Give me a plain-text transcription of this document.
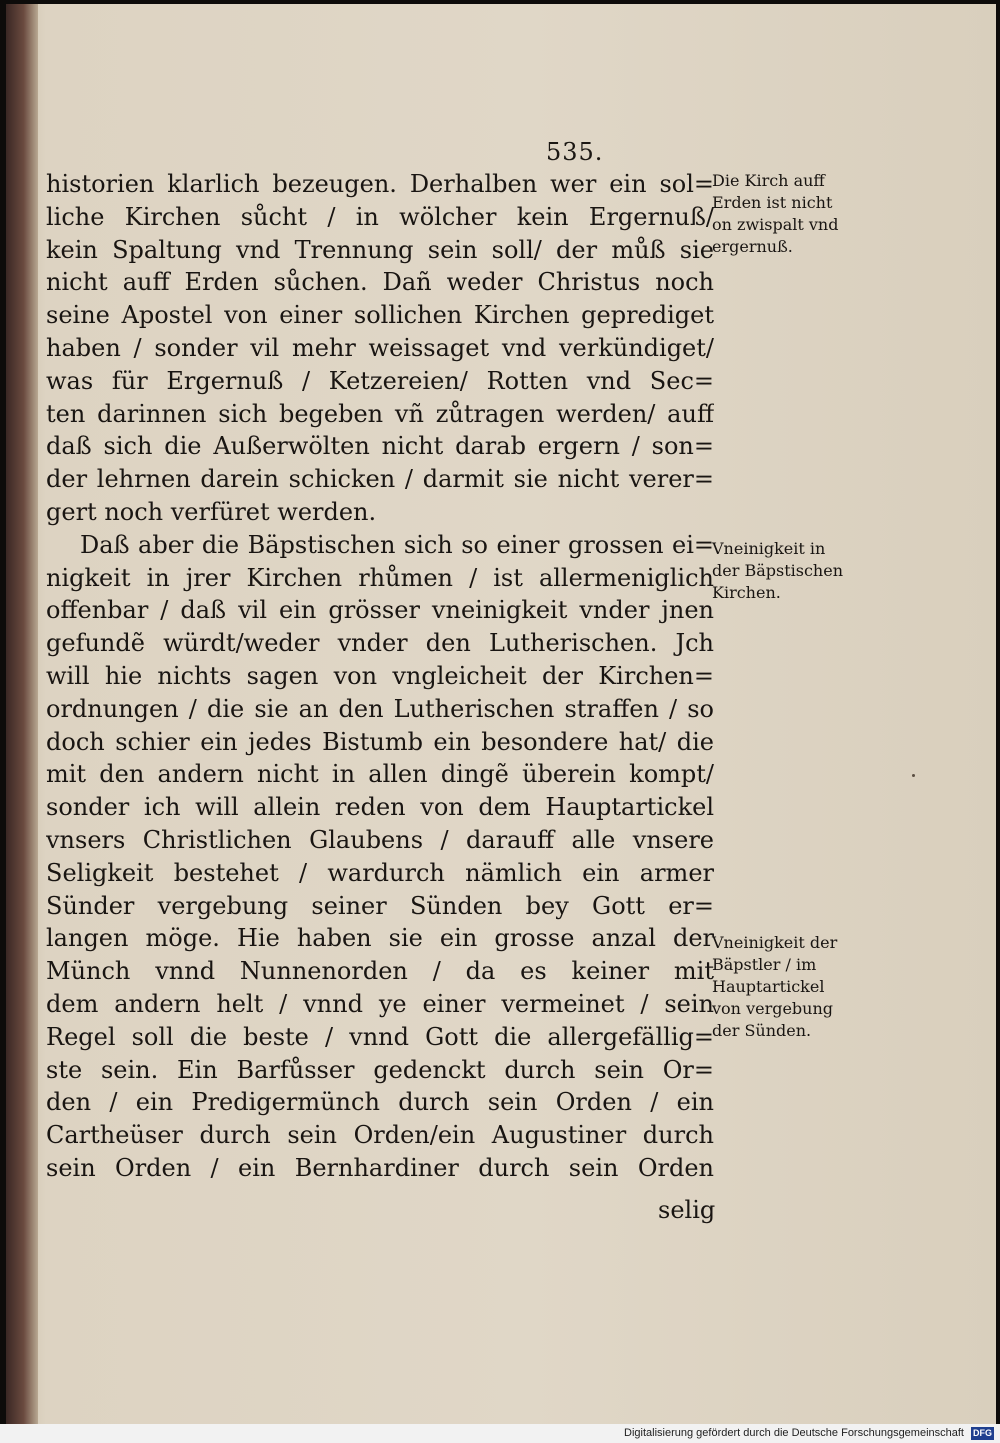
535.
historien klarlich bezeugen. Derhalben wer ein sol=
liche Kirchen sůcht / in wölcher kein Ergernuß/
kein Spaltung vnd Trennung sein soll/ der můß sie
nicht auff Erden sůchen. Dañ weder Christus noch
seine Apostel von einer sollichen Kirchen geprediget
haben / sonder vil mehr weissaget vnd verkündiget/
was für Ergernuß / Ketzereien/ Rotten vnd Sec=
ten darinnen sich begeben vñ zůtragen werden/ auff
daß sich die Außerwölten nicht darab ergern / son=
der lehrnen darein schicken / darmit sie nicht verer=
gert noch verfüret werden.
Daß aber die Bäpstischen sich so einer grossen ei=
nigkeit in jrer Kirchen rhůmen / ist allermeniglich
offenbar / daß vil ein grösser vneinigkeit vnder jnen
gefundẽ würdt/weder vnder den Lutherischen. Jch
will hie nichts sagen von vngleicheit der Kirchen=
ordnungen / die sie an den Lutherischen straffen / so
doch schier ein jedes Bistumb ein besondere hat/ die
mit den andern nicht in allen dingẽ überein kompt/
sonder ich will allein reden von dem Hauptartickel
vnsers Christlichen Glaubens / darauff alle vnsere
Seligkeit bestehet / wardurch nämlich ein armer
Sünder vergebung seiner Sünden bey Gott er=
langen möge. Hie haben sie ein grosse anzal der
Münch vnnd Nunnenorden / da es keiner mit
dem andern helt / vnnd ye einer vermeinet / sein
Regel soll die beste / vnnd Gott die allergefällig=
ste sein. Ein Barfůsser gedenckt durch sein Or=
den / ein Predigermünch durch sein Orden / ein
Cartheüser durch sein Orden/ein Augustiner durch
sein Orden / ein Bernhardiner durch sein Orden
selig
Die Kirch auff
Erden ist nicht
on zwispalt vnd
ergernuß.
Vneinigkeit in
der Bäpstischen
Kirchen.
Vneinigkeit der
Bäpstler / im
Hauptartickel
von vergebung
der Sünden.
Digitalisierung gefördert durch die Deutsche Forschungsgemeinschaft DFG
